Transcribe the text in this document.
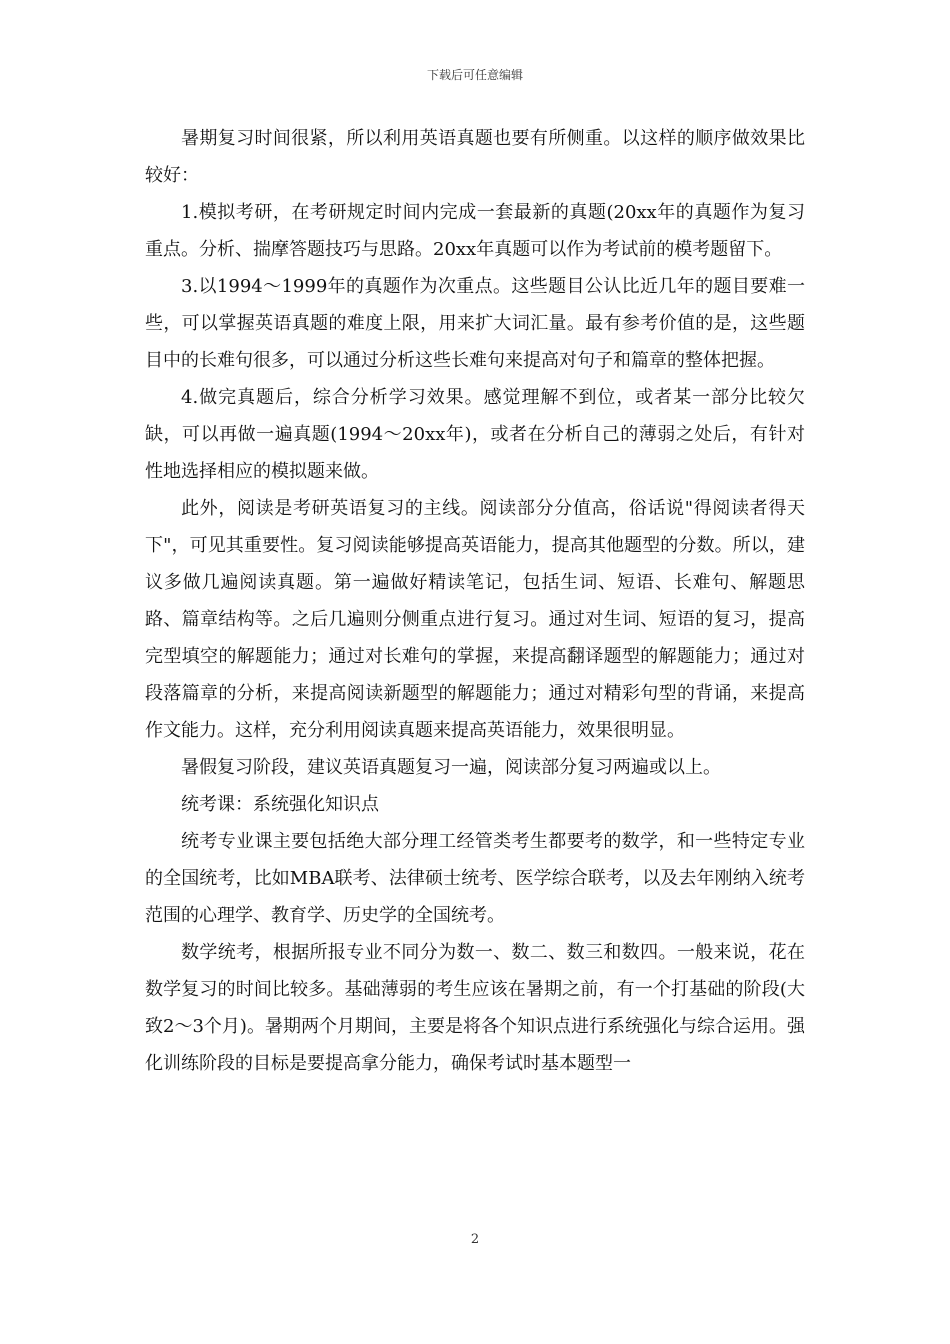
下载后可任意编辑

暑期复习时间很紧，所以利用英语真题也要有所侧重。以这样的顺序做效果比较好：

1.模拟考研，在考研规定时间内完成一套最新的真题(20xx年的真题作为复习重点。分析、揣摩答题技巧与思路。20xx年真题可以作为考试前的模考题留下。

3.以1994～1999年的真题作为次重点。这些题目公认比近几年的题目要难一些，可以掌握英语真题的难度上限，用来扩大词汇量。最有参考价值的是，这些题目中的长难句很多，可以通过分析这些长难句来提高对句子和篇章的整体把握。

4.做完真题后，综合分析学习效果。感觉理解不到位，或者某一部分比较欠缺，可以再做一遍真题(1994～20xx年)，或者在分析自己的薄弱之处后，有针对性地选择相应的模拟题来做。

此外，阅读是考研英语复习的主线。阅读部分分值高，俗话说"得阅读者得天下"，可见其重要性。复习阅读能够提高英语能力，提高其他题型的分数。所以，建议多做几遍阅读真题。第一遍做好精读笔记，包括生词、短语、长难句、解题思路、篇章结构等。之后几遍则分侧重点进行复习。通过对生词、短语的复习，提高完型填空的解题能力；通过对长难句的掌握，来提高翻译题型的解题能力；通过对段落篇章的分析，来提高阅读新题型的解题能力；通过对精彩句型的背诵，来提高作文能力。这样，充分利用阅读真题来提高英语能力，效果很明显。

暑假复习阶段，建议英语真题复习一遍，阅读部分复习两遍或以上。

统考课：系统强化知识点

统考专业课主要包括绝大部分理工经管类考生都要考的数学，和一些特定专业的全国统考，比如MBA联考、法律硕士统考、医学综合联考，以及去年刚纳入统考范围的心理学、教育学、历史学的全国统考。

数学统考，根据所报专业不同分为数一、数二、数三和数四。一般来说，花在数学复习的时间比较多。基础薄弱的考生应该在暑期之前，有一个打基础的阶段(大致2～3个月)。暑期两个月期间，主要是将各个知识点进行系统强化与综合运用。强化训练阶段的目标是要提高拿分能力，确保考试时基本题型一

2
